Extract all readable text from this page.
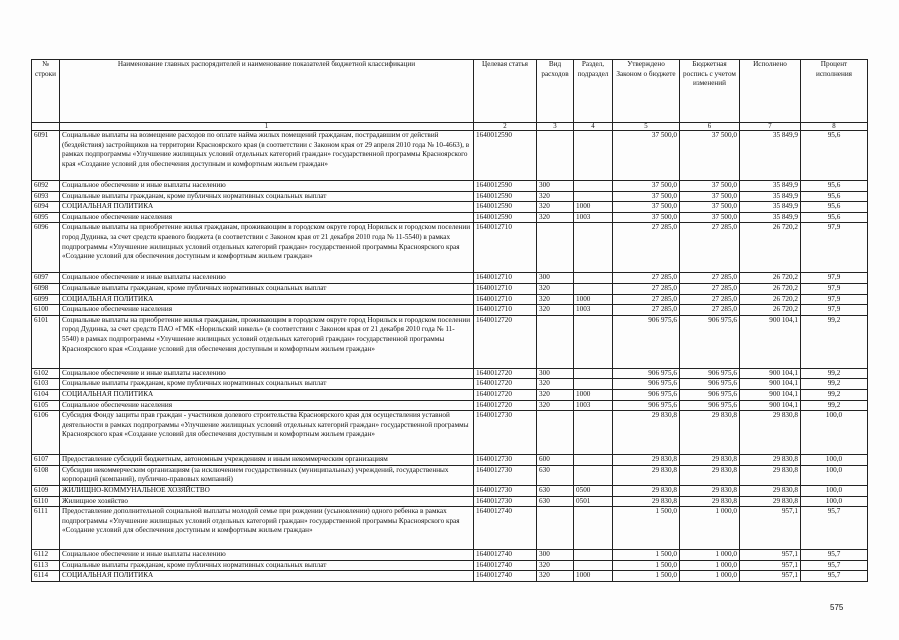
№ строки	Наименование главных распорядителей и наименование показателей бюджетной классификации	Целевая статья	Вид расходов	Раздел, подраздел	Утверждено Законом о бюджете	Бюджетная роспись с учетом изменений	Исполнено	Процент исполнения
	1	2	3	4	5	6	7	8
6091	Социальные выплаты на возмещение расходов по оплате найма жилых помещений гражданам, пострадавшим от действий (бездействия) застройщиков на территории Красноярского края (в соответствии с Законом края от 29 апреля 2010 года № 10-4663), в рамках подпрограммы «Улучшение жилищных условий отдельных категорий граждан» государственной программы Красноярского края «Создание условий для обеспечения доступным и комфортным жильем граждан»	1640012590			37 500,0	37 500,0	35 849,9	95,6
6092	Социальное обеспечение и иные выплаты населению	1640012590	300		37 500,0	37 500,0	35 849,9	95,6
6093	Социальные выплаты гражданам, кроме публичных нормативных социальных выплат	1640012590	320		37 500,0	37 500,0	35 849,9	95,6
6094	СОЦИАЛЬНАЯ ПОЛИТИКА	1640012590	320	1000	37 500,0	37 500,0	35 849,9	95,6
6095	Социальное обеспечение населения	1640012590	320	1003	37 500,0	37 500,0	35 849,9	95,6
6096	Социальные выплаты на приобретение жилья гражданам, проживающим в городском округе город Норильск и городском поселении город Дудинка, за счет средств краевого бюджета (в соответствии с Законом края от 21 декабря 2010 года № 11-5540) в рамках подпрограммы «Улучшение жилищных условий отдельных категорий граждан» государственной программы Красноярского края «Создание условий для обеспечения доступным и комфортным жильем граждан»	1640012710			27 285,0	27 285,0	26 720,2	97,9
6097	Социальное обеспечение и иные выплаты населению	1640012710	300		27 285,0	27 285,0	26 720,2	97,9
6098	Социальные выплаты гражданам, кроме публичных нормативных социальных выплат	1640012710	320		27 285,0	27 285,0	26 720,2	97,9
6099	СОЦИАЛЬНАЯ ПОЛИТИКА	1640012710	320	1000	27 285,0	27 285,0	26 720,2	97,9
6100	Социальное обеспечение населения	1640012710	320	1003	27 285,0	27 285,0	26 720,2	97,9
6101	Социальные выплаты на приобретение жилья гражданам, проживающим в городском округе город Норильск и городском поселении город Дудинка, за счет средств ПАО «ГМК «Норильский никель» (в соответствии с Законом края от 21 декабря 2010 года № 11-5540) в рамках подпрограммы «Улучшение жилищных условий отдельных категорий граждан» государственной программы Красноярского края «Создание условий для обеспечения доступным и комфортным жильем граждан»	1640012720			906 975,6	906 975,6	900 104,1	99,2
6102	Социальное обеспечение и иные выплаты населению	1640012720	300		906 975,6	906 975,6	900 104,1	99,2
6103	Социальные выплаты гражданам, кроме публичных нормативных социальных выплат	1640012720	320		906 975,6	906 975,6	900 104,1	99,2
6104	СОЦИАЛЬНАЯ ПОЛИТИКА	1640012720	320	1000	906 975,6	906 975,6	900 104,1	99,2
6105	Социальное обеспечение населения	1640012720	320	1003	906 975,6	906 975,6	900 104,1	99,2
6106	Субсидия Фонду защиты прав граждан - участников долевого строительства Красноярского края для осуществления уставной деятельности в рамках подпрограммы «Улучшение жилищных условий отдельных категорий граждан» государственной программы Красноярского края «Создание условий для обеспечения доступным и комфортным жильем граждан»	1640012730			29 830,8	29 830,8	29 830,8	100,0
6107	Предоставление субсидий бюджетным, автономным учреждениям и иным некоммерческим организациям	1640012730	600		29 830,8	29 830,8	29 830,8	100,0
6108	Субсидии некоммерческим организациям (за исключением государственных (муниципальных) учреждений, государственных корпораций (компаний), публично-правовых компаний)	1640012730	630		29 830,8	29 830,8	29 830,8	100,0
6109	ЖИЛИЩНО-КОММУНАЛЬНОЕ ХОЗЯЙСТВО	1640012730	630	0500	29 830,8	29 830,8	29 830,8	100,0
6110	Жилищное хозяйство	1640012730	630	0501	29 830,8	29 830,8	29 830,8	100,0
6111	Предоставление дополнительной социальной выплаты молодой семье при рождении (усыновлении) одного ребенка в рамках подпрограммы «Улучшение жилищных условий отдельных категорий граждан» государственной программы Красноярского края «Создание условий для обеспечения доступным и комфортным жильем граждан»	1640012740			1 500,0	1 000,0	957,1	95,7
6112	Социальное обеспечение и иные выплаты населению	1640012740	300		1 500,0	1 000,0	957,1	95,7
6113	Социальные выплаты гражданам, кроме публичных нормативных социальных выплат	1640012740	320		1 500,0	1 000,0	957,1	95,7
6114	СОЦИАЛЬНАЯ ПОЛИТИКА	1640012740	320	1000	1 500,0	1 000,0	957,1	95,7
575
